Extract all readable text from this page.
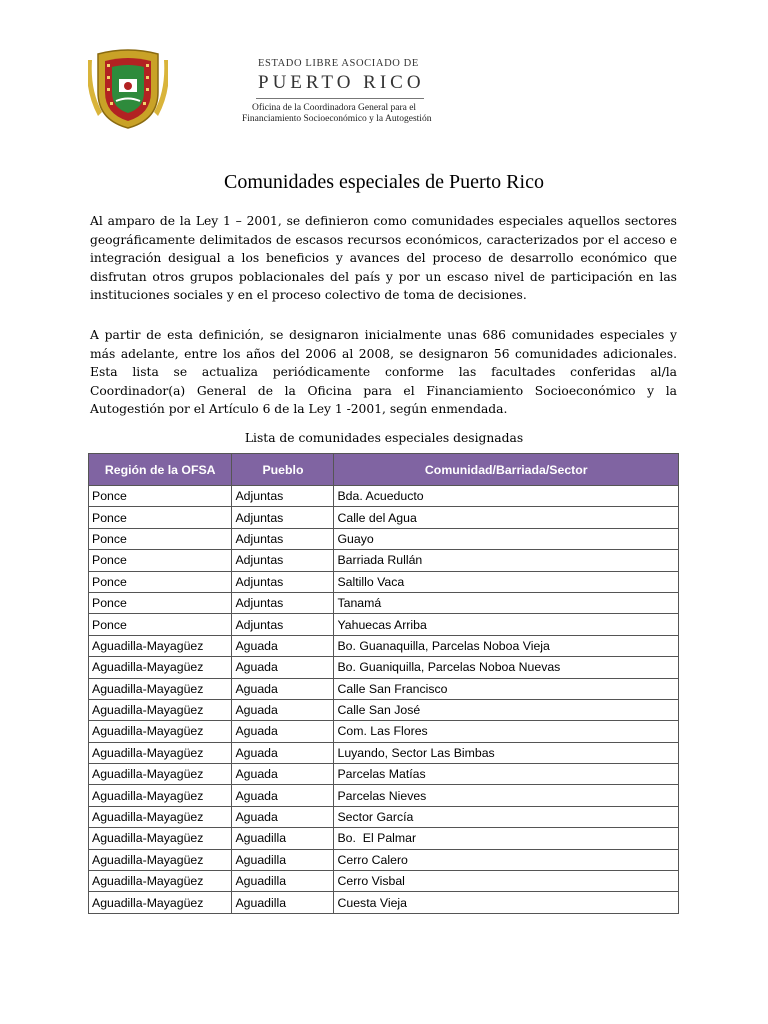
ESTADO LIBRE ASOCIADO DE
PUERTO RICO
Oficina de la Coordinadora General para el
Financiamiento Socioeconómico y la Autogestión
Comunidades especiales de Puerto Rico

Al amparo de la Ley 1 – 2001, se definieron como comunidades especiales aquellos sectores geográficamente delimitados de escasos recursos económicos, caracterizados por el acceso e integración desigual a los beneficios y avances del proceso de desarrollo económico que disfrutan otros grupos poblacionales del país y por un escaso nivel de participación en las instituciones sociales y en el proceso colectivo de toma de decisiones.

A partir de esta definición, se designaron inicialmente unas 686 comunidades especiales y más adelante, entre los años del 2006 al 2008, se designaron 56 comunidades adicionales. Esta lista se actualiza periódicamente conforme las facultades conferidas al/la Coordinador(a) General de la Oficina para el Financiamiento Socioeconómico y la Autogestión por el Artículo 6 de la Ley 1 -2001, según enmendada.

Lista de comunidades especiales designadas
Región de la OFSA	Pueblo	Comunidad/Barriada/Sector
Ponce	Adjuntas	Bda. Acueducto
Ponce	Adjuntas	Calle del Agua
Ponce	Adjuntas	Guayo
Ponce	Adjuntas	Barriada Rullán
Ponce	Adjuntas	Saltillo Vaca
Ponce	Adjuntas	Tanamá
Ponce	Adjuntas	Yahuecas Arriba
Aguadilla-Mayagüez	Aguada	Bo. Guanaquilla, Parcelas Noboa Vieja
Aguadilla-Mayagüez	Aguada	Bo. Guaniquilla, Parcelas Noboa Nuevas
Aguadilla-Mayagüez	Aguada	Calle San Francisco
Aguadilla-Mayagüez	Aguada	Calle San José
Aguadilla-Mayagüez	Aguada	Com. Las Flores
Aguadilla-Mayagüez	Aguada	Luyando, Sector Las Bimbas
Aguadilla-Mayagüez	Aguada	Parcelas Matías
Aguadilla-Mayagüez	Aguada	Parcelas Nieves
Aguadilla-Mayagüez	Aguada	Sector García
Aguadilla-Mayagüez	Aguadilla	Bo.  El Palmar
Aguadilla-Mayagüez	Aguadilla	Cerro Calero
Aguadilla-Mayagüez	Aguadilla	Cerro Visbal
Aguadilla-Mayagüez	Aguadilla	Cuesta Vieja
